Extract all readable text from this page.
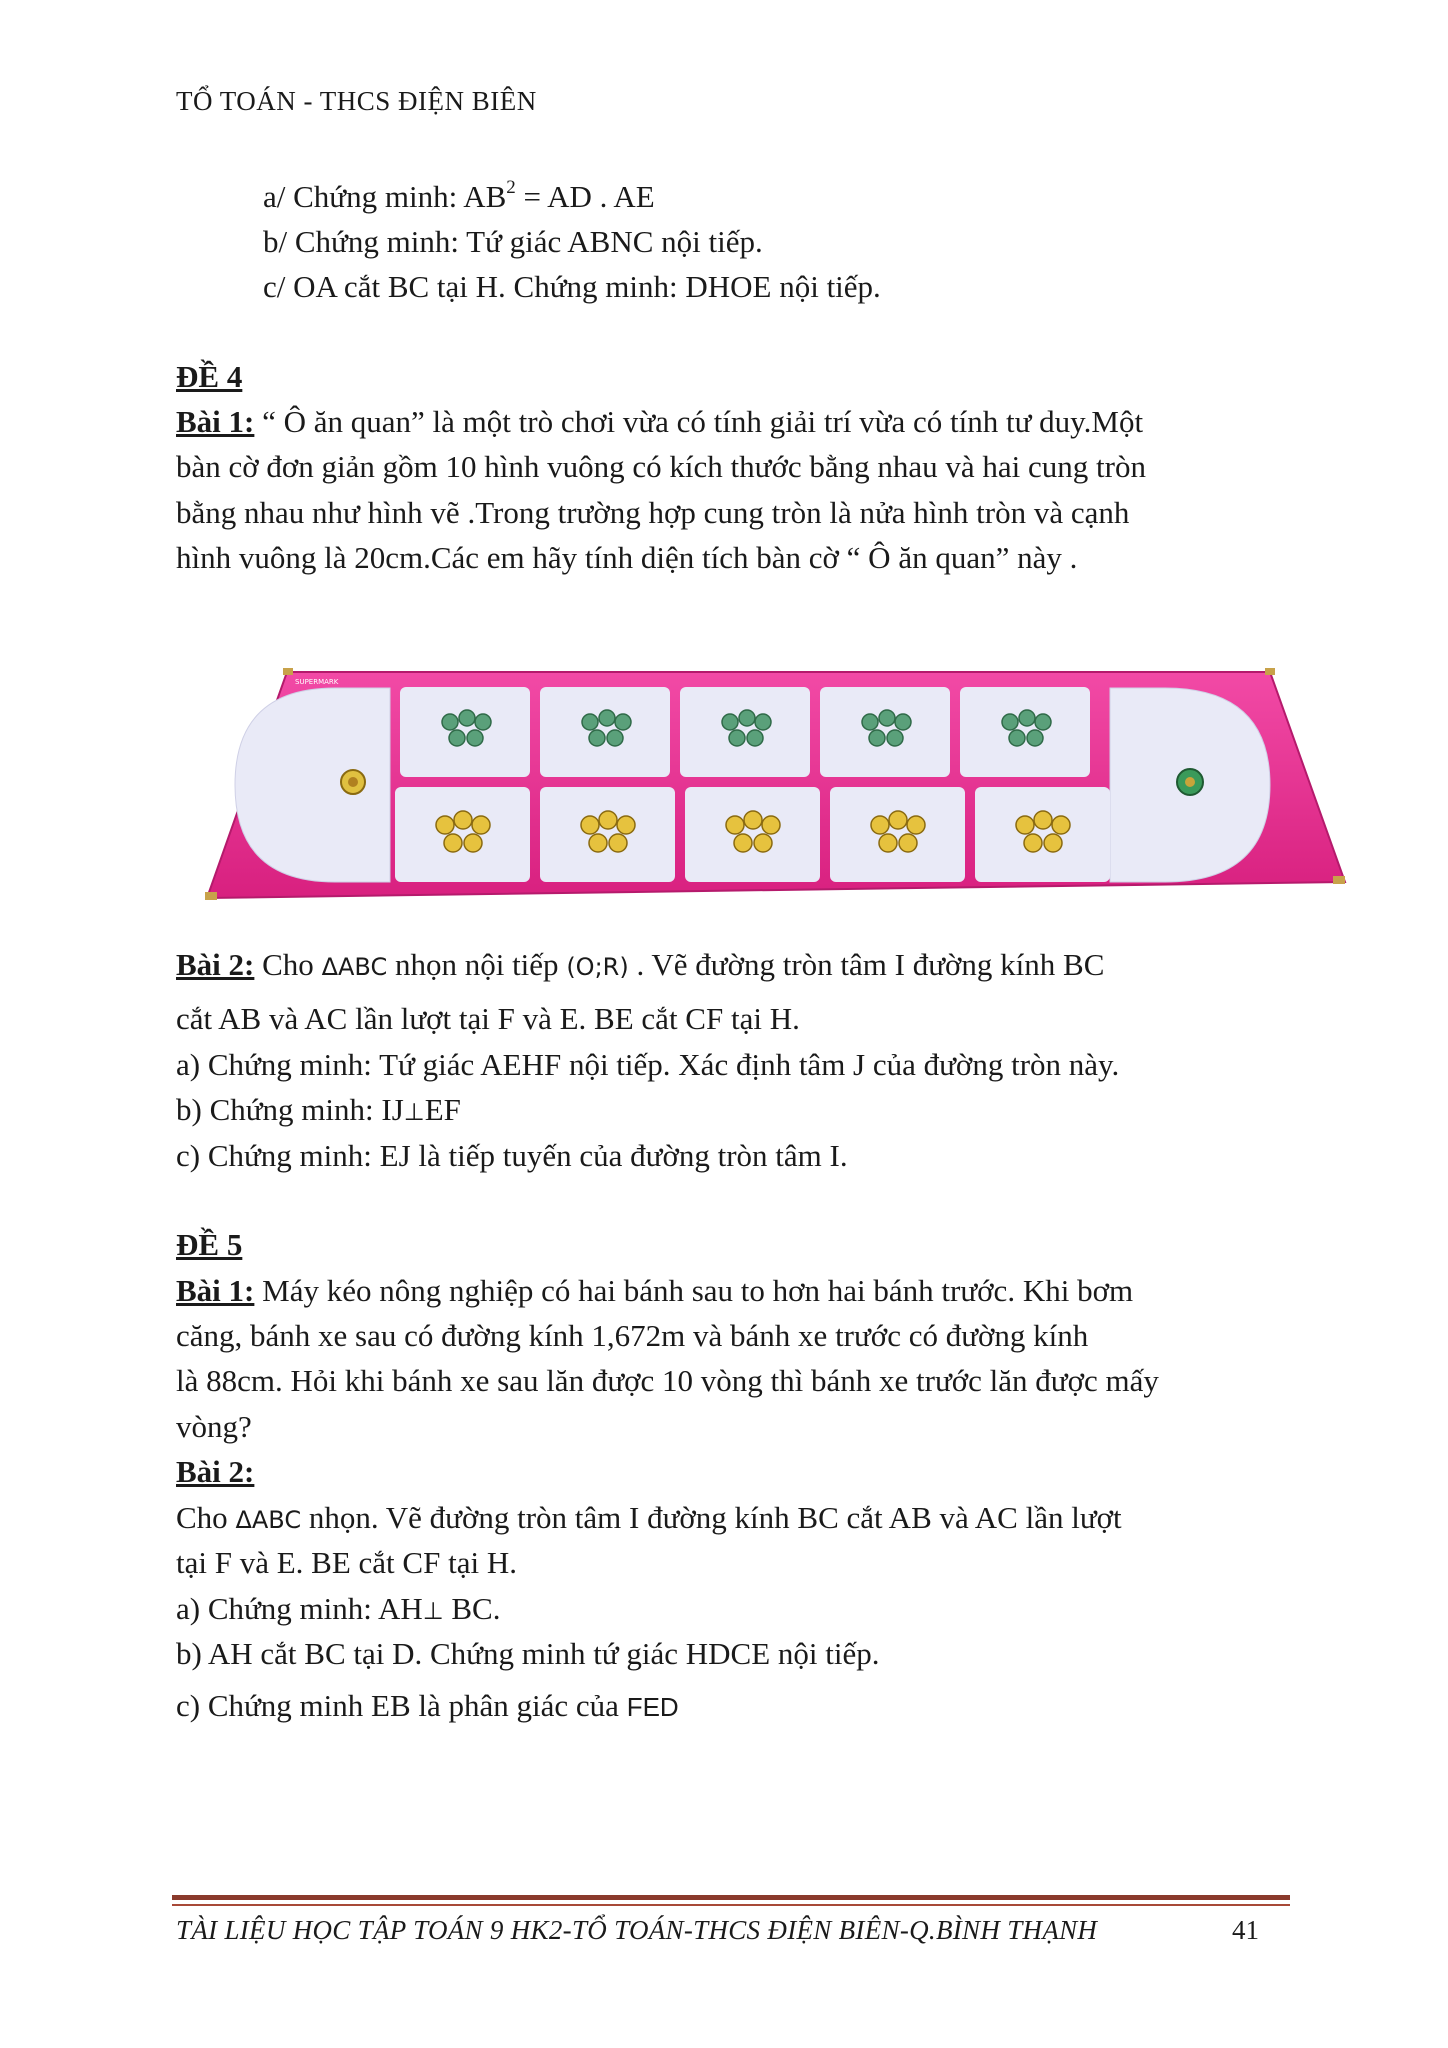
TỔ TOÁN - THCS ĐIỆN BIÊN
a/ Chứng minh: $AB^2$ = AD . AE
b/ Chứng minh: Tứ giác ABNC nội tiếp.
c/ OA cắt BC tại H. Chứng minh: DHOE nội tiếp.
ĐỀ 4
Bài 1: “ Ô ăn quan” là một trò chơi vừa có tính giải trí vừa có tính tư duy.Một
bàn cờ đơn giản gồm 10 hình vuông có kích thước bằng nhau và hai cung tròn
bằng nhau như hình vẽ .Trong trường hợp cung tròn là nửa hình tròn và cạnh
hình vuông là 20cm.Các em hãy tính diện tích bàn cờ “ Ô ăn quan” này .
SUPERMARK
Bài 2: Cho ΔABC nhọn nội tiếp (O;R) . Vẽ đường tròn tâm I đường kính BC
cắt AB và AC lần lượt tại F và E. BE cắt CF tại H.
a) Chứng minh: Tứ giác AEHF nội tiếp. Xác định tâm J của đường tròn này.
b) Chứng minh: IJ⊥EF
c) Chứng minh: EJ là tiếp tuyến của đường tròn tâm I.
ĐỀ 5
Bài 1: Máy kéo nông nghiệp có hai bánh sau to hơn hai bánh trước. Khi bơm
căng, bánh xe sau có đường kính 1,672m và bánh xe trước có đường kính
là 88cm. Hỏi khi bánh xe sau lăn được 10 vòng thì bánh xe trước lăn được mấy
vòng?
Bài 2:
Cho ΔABC nhọn. Vẽ đường tròn tâm I đường kính BC cắt AB và AC lần lượt
tại F và E. BE cắt CF tại H.
a) Chứng minh: AH⊥ BC.
b) AH cắt BC tại D. Chứng minh tứ giác HDCE nội tiếp.
c) Chứng minh EB là phân giác của FED
TÀI LIỆU HỌC TẬP TOÁN 9 HK2-TỔ TOÁN-THCS ĐIỆN BIÊN-Q.BÌNH THẠNH	41
